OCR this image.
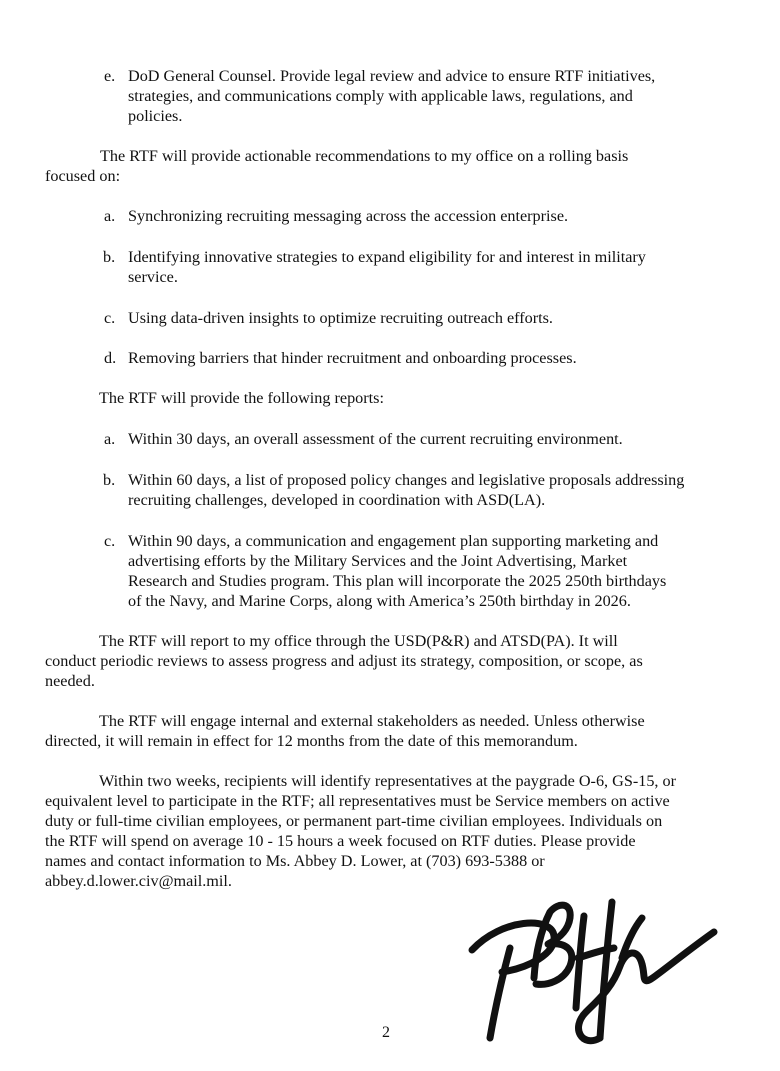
e. DoD General Counsel. Provide legal review and advice to ensure RTF initiatives,
strategies, and communications comply with applicable laws, regulations, and
policies.
The RTF will provide actionable recommendations to my office on a rolling basis
focused on:
a. Synchronizing recruiting messaging across the accession enterprise.
b. Identifying innovative strategies to expand eligibility for and interest in military
service.
c. Using data-driven insights to optimize recruiting outreach efforts.
d. Removing barriers that hinder recruitment and onboarding processes.
The RTF will provide the following reports:
a. Within 30 days, an overall assessment of the current recruiting environment.
b. Within 60 days, a list of proposed policy changes and legislative proposals addressing
recruiting challenges, developed in coordination with ASD(LA).
c. Within 90 days, a communication and engagement plan supporting marketing and
advertising efforts by the Military Services and the Joint Advertising, Market
Research and Studies program. This plan will incorporate the 2025 250th birthdays
of the Navy, and Marine Corps, along with America’s 250th birthday in 2026.
The RTF will report to my office through the USD(P&R) and ATSD(PA). It will
conduct periodic reviews to assess progress and adjust its strategy, composition, or scope, as
needed.
The RTF will engage internal and external stakeholders as needed. Unless otherwise
directed, it will remain in effect for 12 months from the date of this memorandum.
Within two weeks, recipients will identify representatives at the paygrade O-6, GS-15, or
equivalent level to participate in the RTF; all representatives must be Service members on active
duty or full-time civilian employees, or permanent part-time civilian employees. Individuals on
the RTF will spend on average 10 - 15 hours a week focused on RTF duties. Please provide
names and contact information to Ms. Abbey D. Lower, at (703) 693-5388 or
abbey.d.lower.civ@mail.mil.
2
